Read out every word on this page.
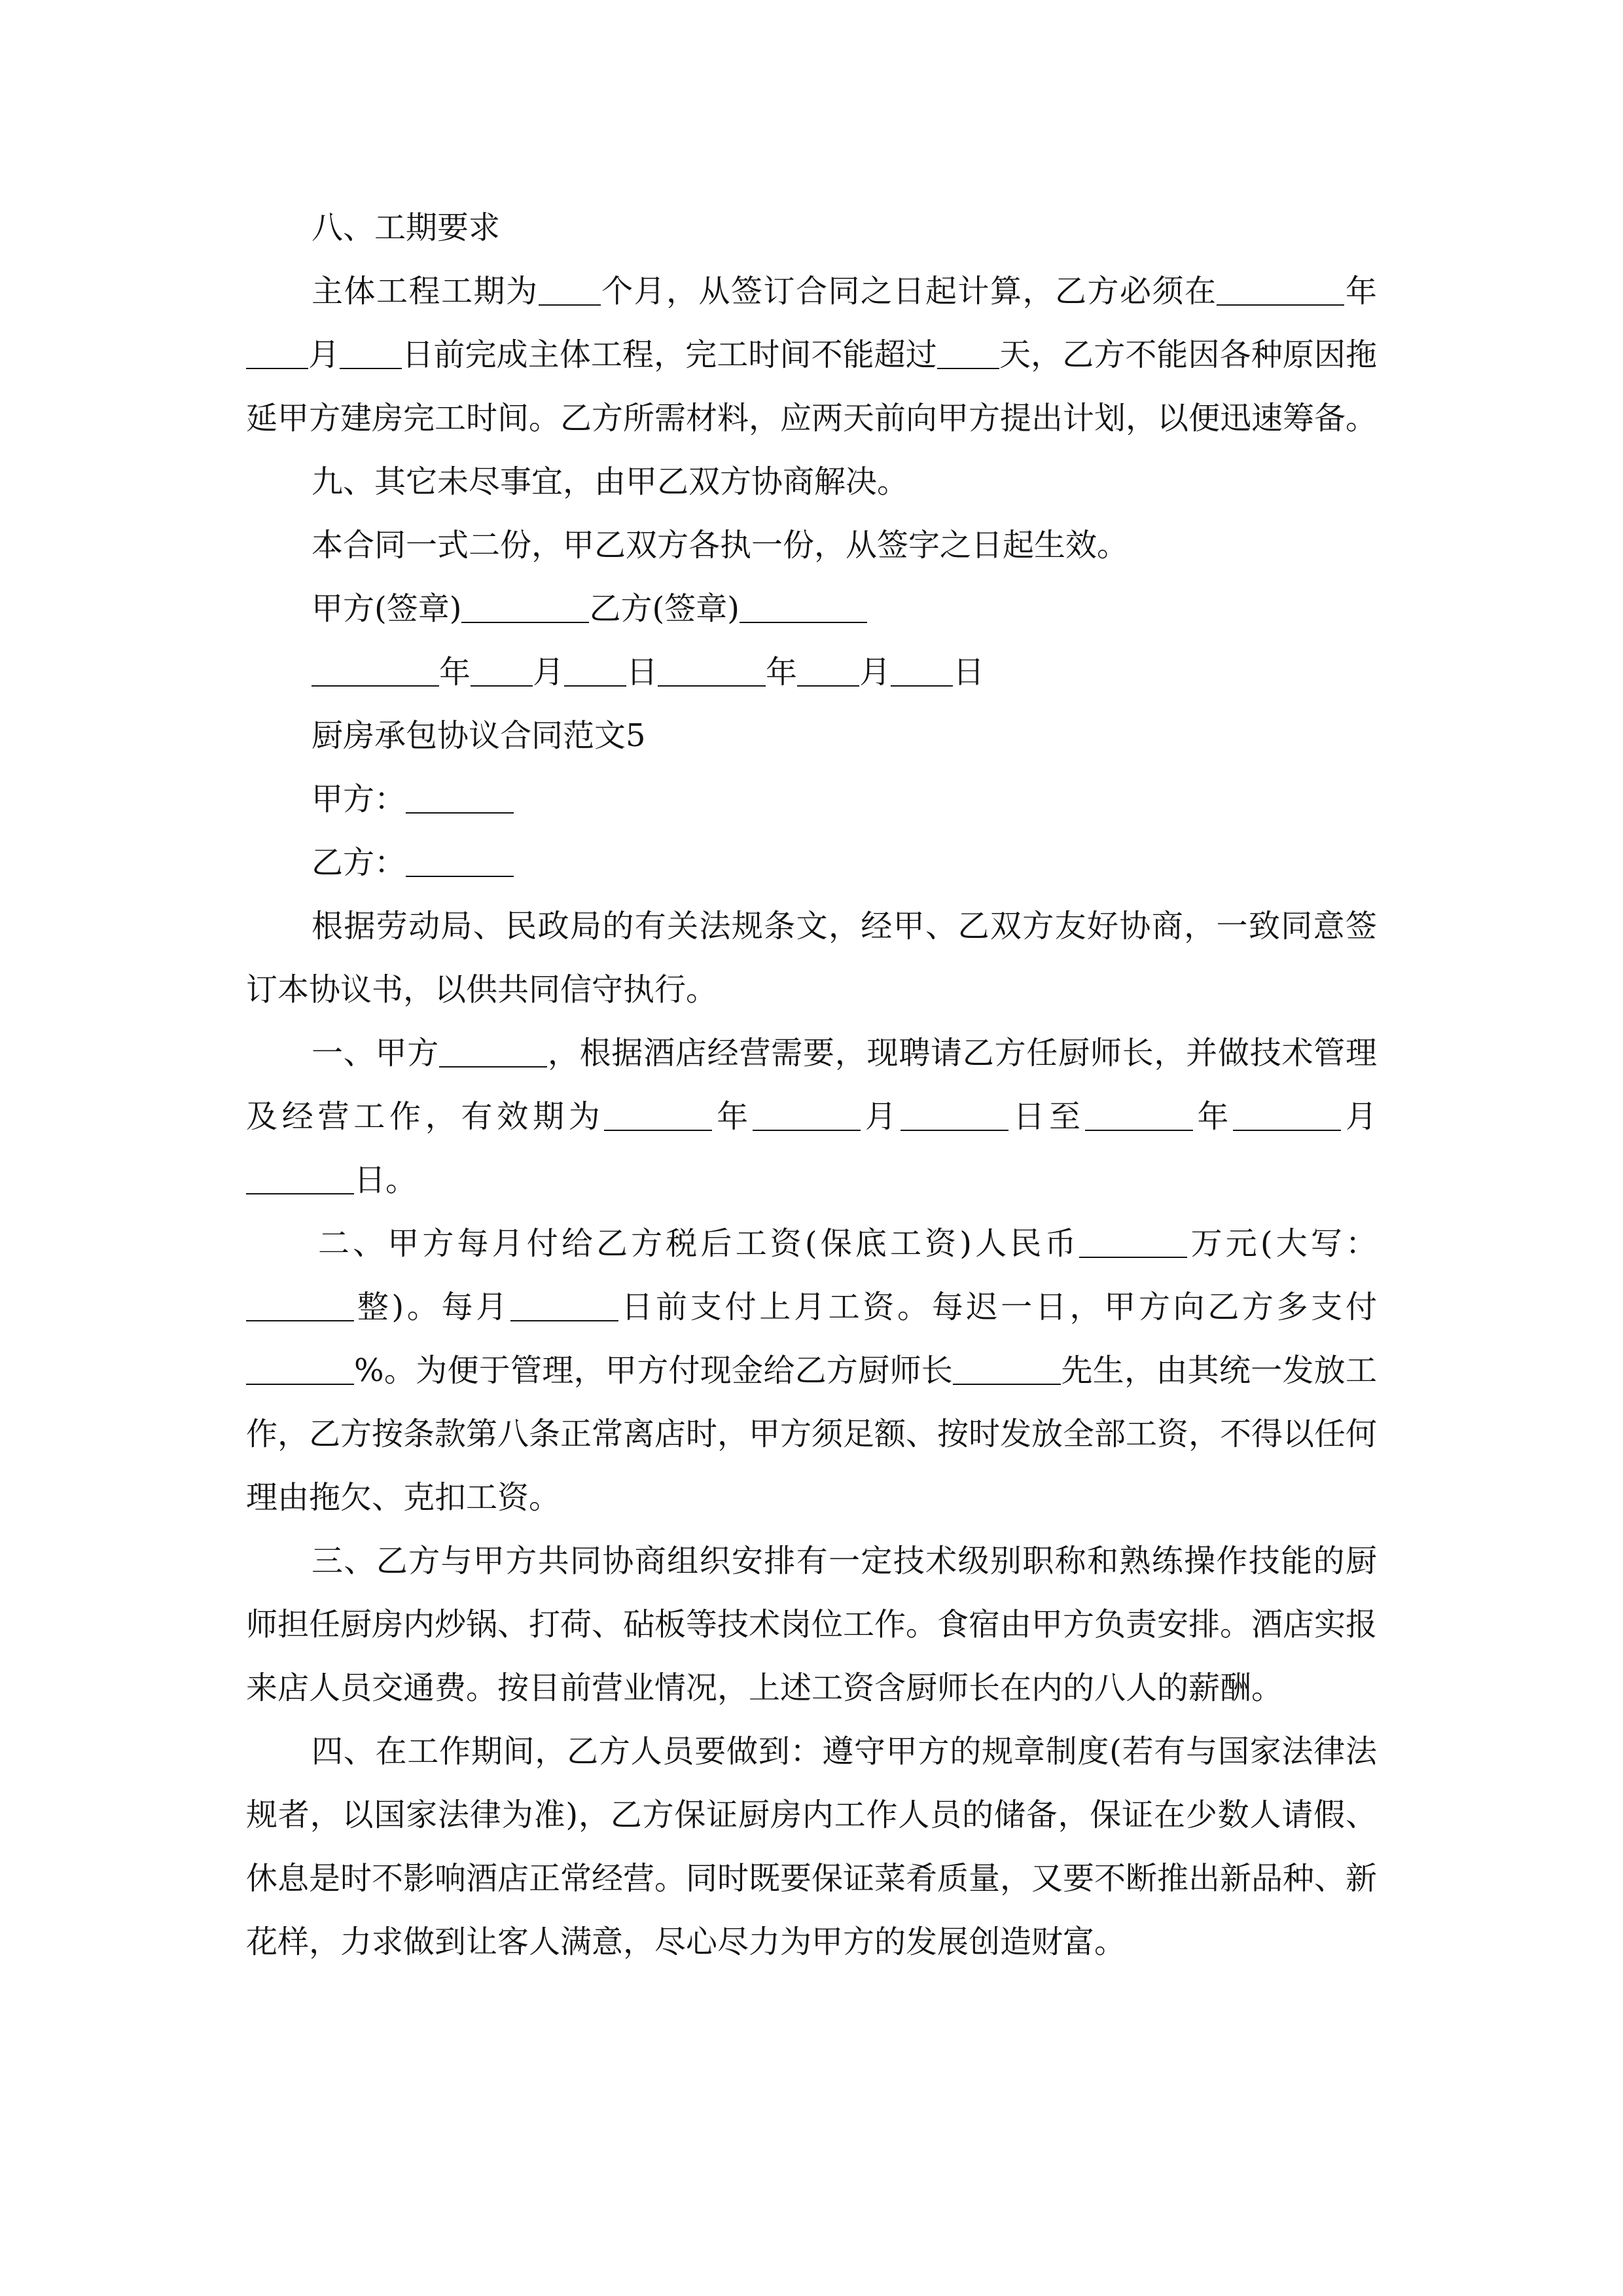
八、工期要求

主体工程工期为 个月，从签订合同之日起计算，乙方必须在	年月 日前完成主体工程，完工时间不能超过 天，乙方不能因各种原因拖延甲方建房完工时间。乙方所需材料，应两天前向甲方提出计划，以便迅速筹备。

九、其它未尽事宜，由甲乙双方协商解决。

本合同一式二份，甲乙双方各执一份，从签字之日起生效。

甲方(签章)	乙方(签章)

年 月 日	年 月 日

厨房承包协议合同范文5

甲方：

乙方：

根据劳动局、民政局的有关法规条文，经甲、乙双方友好协商，一致同意签订本协议书，以供共同信守执行。

一、甲方	，根据酒店经营需要，现聘请乙方任厨师长，并做技术管理及经营工作，有效期为	年	月	日至	年	月日。

二、甲方每月付给乙方税后工资(保底工资)人民币	万元(大写：整)。每月	日前支付上月工资。每迟一日，甲方向乙方多支付%。为便于管理，甲方付现金给乙方厨师长	先生，由其统一发放工作，乙方按条款第八条正常离店时，甲方须足额、按时发放全部工资，不得以任何理由拖欠、克扣工资。

三、乙方与甲方共同协商组织安排有一定技术级别职称和熟练操作技能的厨师担任厨房内炒锅、打荷、砧板等技术岗位工作。食宿由甲方负责安排。酒店实报来店人员交通费。按目前营业情况，上述工资含厨师长在内的八人的薪酬。

四、在工作期间，乙方人员要做到：遵守甲方的规章制度(若有与国家法律法规者，以国家法律为准)，乙方保证厨房内工作人员的储备，保证在少数人请假、休息是时不影响酒店正常经营。同时既要保证菜肴质量，又要不断推出新品种、新花样，力求做到让客人满意，尽心尽力为甲方的发展创造财富。
